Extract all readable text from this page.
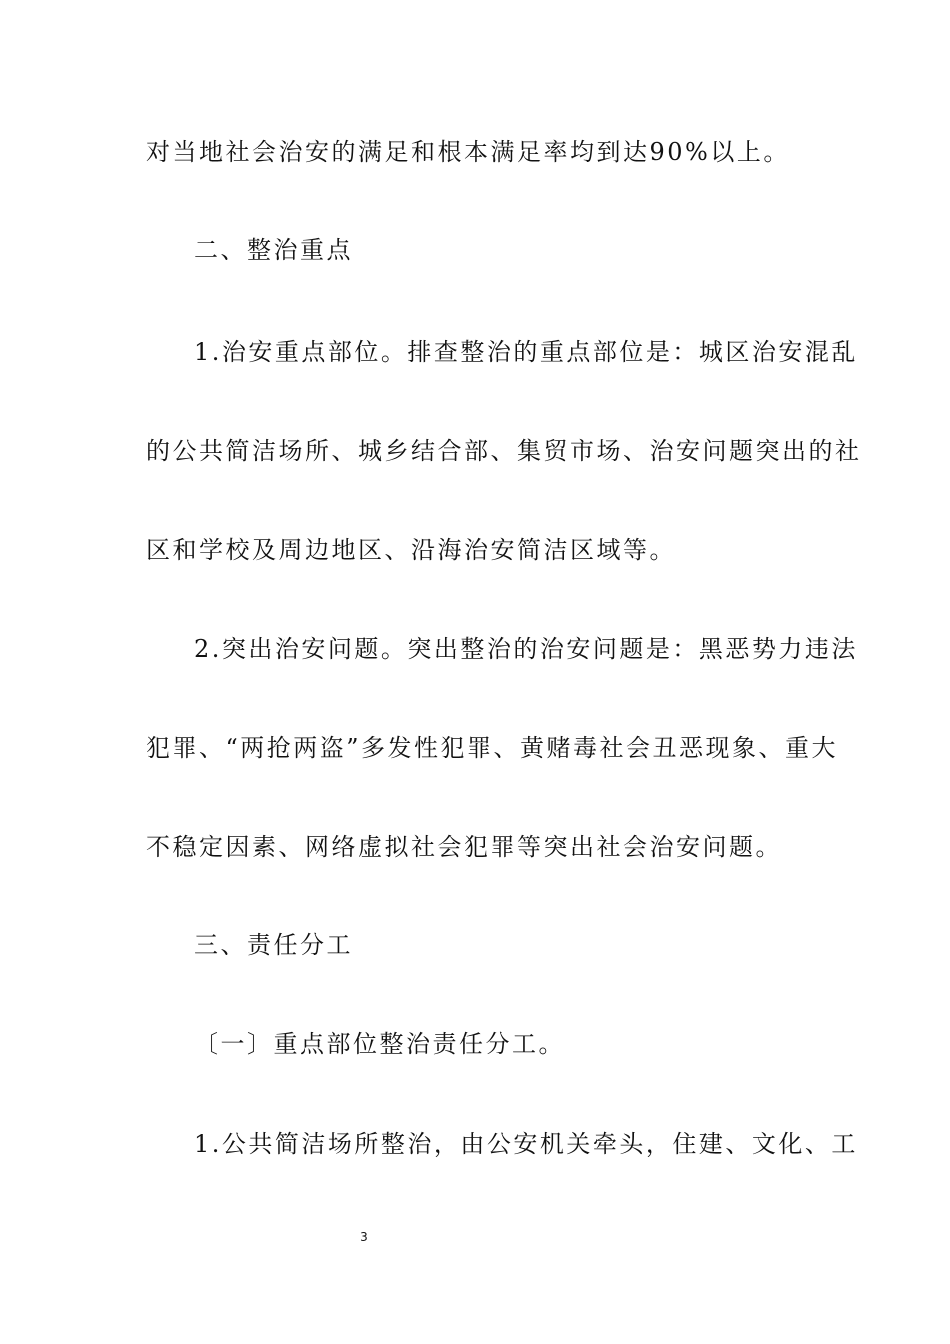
对当地社会治安的满足和根本满足率均到达90%以上。
二、整治重点
1.治安重点部位。排查整治的重点部位是：城区治安混乱
的公共简洁场所、城乡结合部、集贸市场、治安问题突出的社
区和学校及周边地区、沿海治安简洁区域等。
2.突出治安问题。突出整治的治安问题是：黑恶势力违法
犯罪、“两抢两盗”多发性犯罪、黄赌毒社会丑恶现象、重大
不稳定因素、网络虚拟社会犯罪等突出社会治安问题。
三、责任分工
〔一〕重点部位整治责任分工。
1.公共简洁场所整治，由公安机关牵头，住建、文化、工
3
